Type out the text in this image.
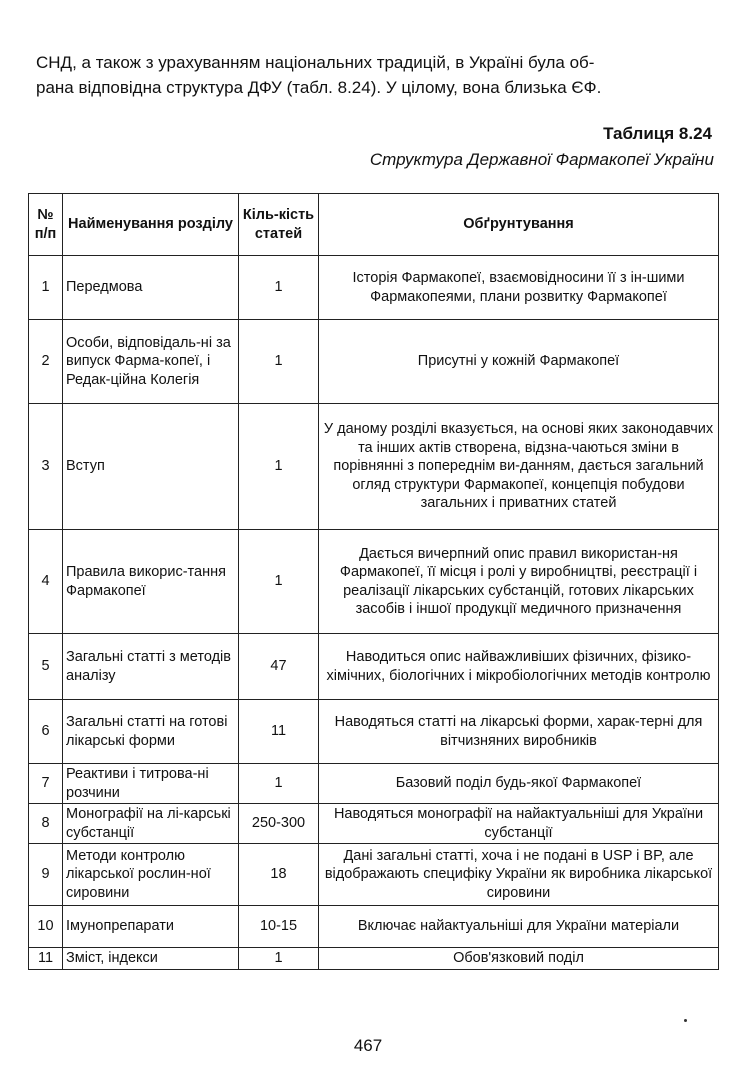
СНД, а також з урахуванням національних традицій, в Україні була об-

рана відповідна структура ДФУ (табл. 8.24). У цілому, вона близька ЄФ.

Таблиця 8.24
Структура Державної Фармакопеї України
№ п/п	Найменування розділу	Кіль-кість статей	Обґрунтування
1	Передмова	1	Історія Фармакопеї, взаємовідносини її з ін-шими Фармакопеями, плани розвитку Фармакопеї
2	Особи, відповідаль-ні за випуск Фарма-копеї, і Редак-ційна Колегія	1	Присутні у кожній Фармакопеї
3	Вступ	1	У даному розділі вказується, на основі яких законодавчих та інших актів створена, відзна-чаються зміни в порівнянні з попереднім ви-данням, дається загальний огляд структури Фармакопеї, концепція побудови загальних і приватних статей
4	Правила викорис-тання Фармакопеї	1	Дається вичерпний опис правил використан-ня Фармакопеї, її місця і ролі у виробництві, реєстрації і реалізації лікарських субстанцій, готових лікарських засобів і іншої продукції медичного призначення
5	Загальні статті з методів аналізу	47	Наводиться опис найважливіших фізичних, фізико-хімічних, біологічних і мікробіологічних методів контролю
6	Загальні статті на готові лікарські форми	11	Наводяться статті на лікарські форми, харак-терні для вітчизняних виробників
7	Реактиви і титрова-ні розчини	1	Базовий поділ будь-якої Фармакопеї
8	Монографії на лі-карські субстанції	250-300	Наводяться монографії на найактуальніші для України субстанції
9	Методи контролю лікарської рослин-ної сировини	18	Дані загальні статті, хоча і не подані в USP і BP, але відображають специфіку України як виробника лікарської сировини
10	Імунопрепарати	10-15	Включає найактуальніші для України матеріали
11	Зміст, індекси	1	Обов'язковий поділ
467
